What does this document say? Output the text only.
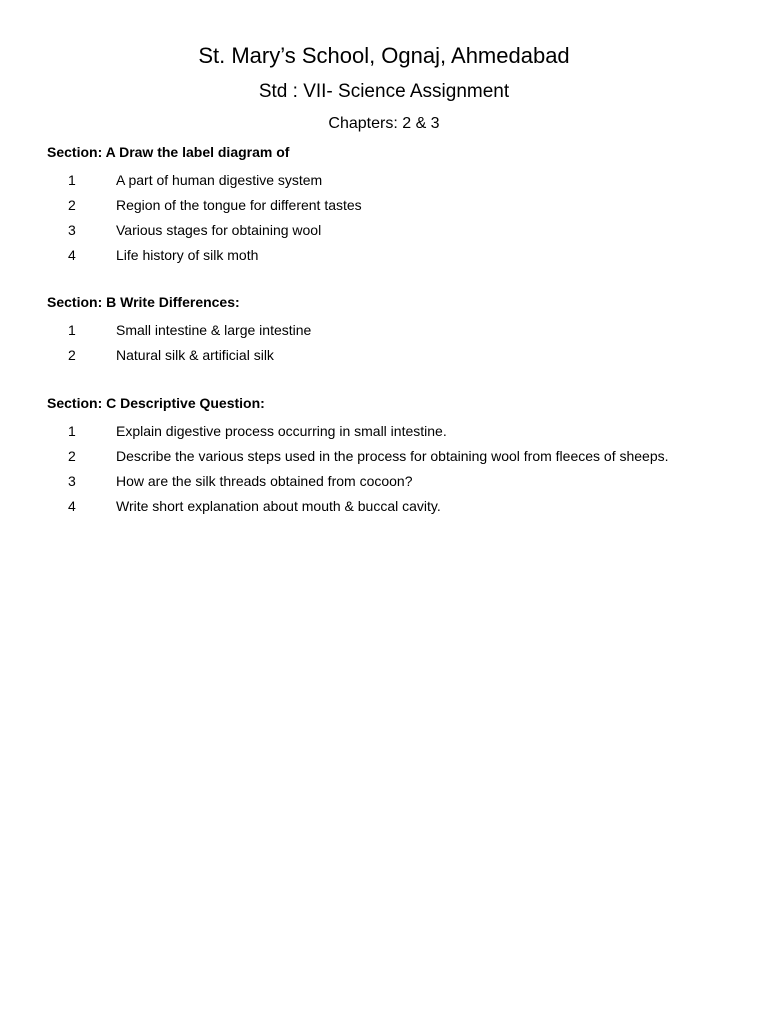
St. Mary’s School, Ognaj, Ahmedabad
Std : VII- Science Assignment
Chapters: 2 & 3
Section: A Draw the label diagram of
1	A part of human digestive system
2	Region of the tongue for different tastes
3	Various stages for obtaining wool
4	Life history of silk moth
Section: B Write Differences:
1	Small intestine & large intestine
2	Natural silk & artificial silk
Section: C Descriptive Question:
1	Explain digestive process occurring in small intestine.
2	Describe the various steps used in the process for obtaining wool from fleeces of sheeps.
3	How are the silk threads obtained from cocoon?
4	Write short explanation about mouth & buccal cavity.
